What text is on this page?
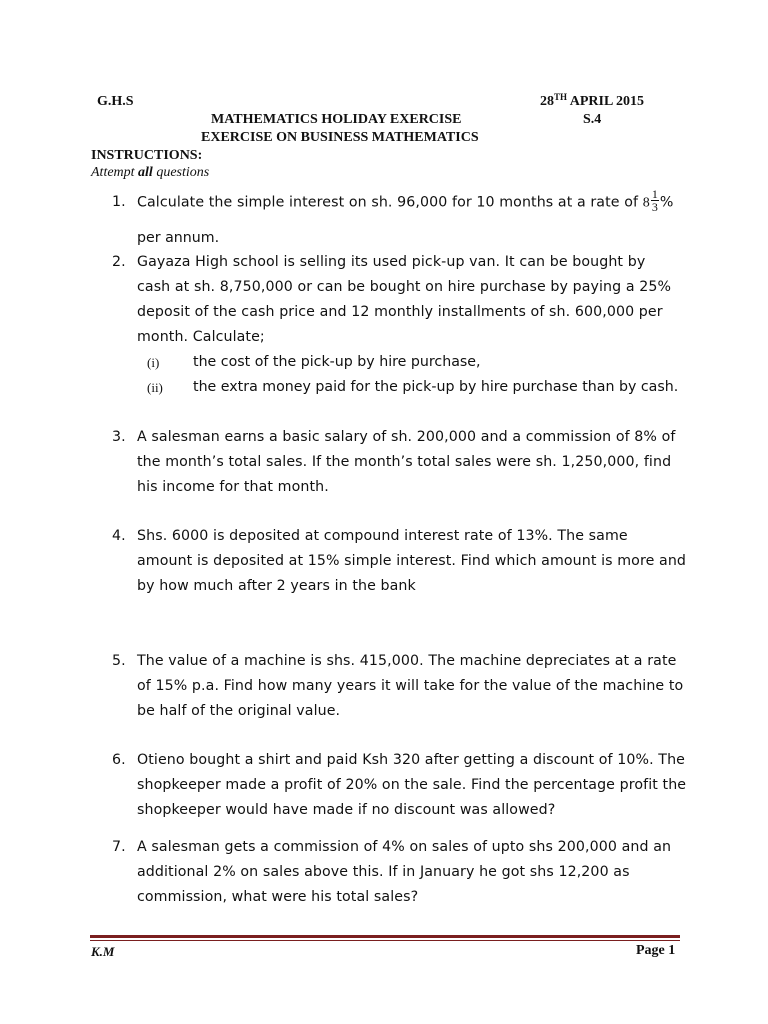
G.H.S	28TH APRIL 2015
MATHEMATICS HOLIDAY EXERCISE	S.4
EXERCISE ON BUSINESS MATHEMATICS
INSTRUCTIONS:
Attempt all questions
1. Calculate the simple interest on sh. 96,000 for 10 months at a rate of $8 \frac{1}{3}$ %
per annum.
2. Gayaza High school is selling its used pick-up van. It can be bought by cash at sh. 8,750,000 or can be bought on hire purchase by paying a 25% deposit of the cash price and 12 monthly installments of sh. 600,000 per month. Calculate;
(i) the cost of the pick-up by hire purchase,
(ii) the extra money paid for the pick-up by hire purchase than by cash.
3. A salesman earns a basic salary of sh. 200,000 and a commission of 8% of the month’s total sales. If the month’s total sales were sh. 1,250,000, find his income for that month.
4. Shs. 6000 is deposited at compound interest rate of 13%. The same amount is deposited at 15% simple interest. Find which amount is more and by how much after 2 years in the bank
5. The value of a machine is shs. 415,000. The machine depreciates at a rate of 15% p.a. Find how many years it will take for the value of the machine to be half of the original value.
6. Otieno bought a shirt and paid Ksh 320 after getting a discount of 10%. The shopkeeper made a profit of 20% on the sale. Find the percentage profit the shopkeeper would have made if no discount was allowed?
7. A salesman gets a commission of 4% on sales of upto shs 200,000 and an additional 2% on sales above this. If in January he got shs 12,200 as commission, what were his total sales?
K.M	Page 1
